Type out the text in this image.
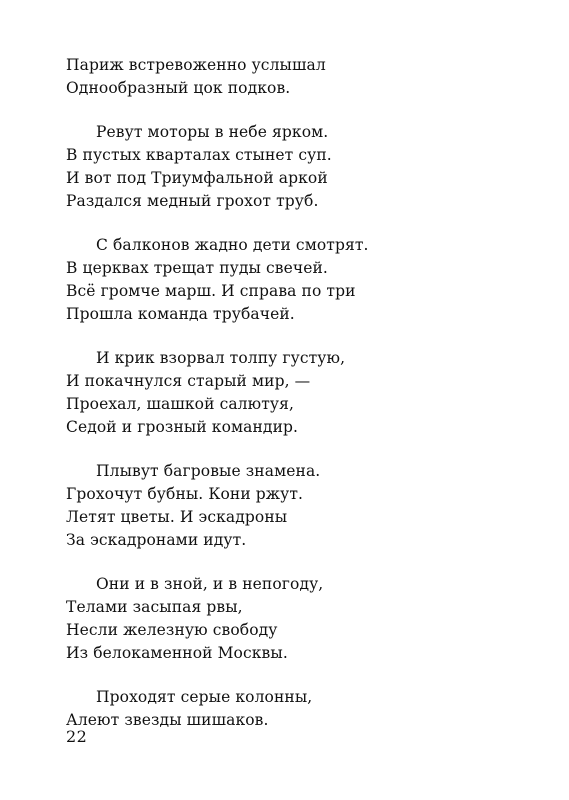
Париж встревоженно услышал
Однообразный цок подков.
Ревут моторы в небе ярком.
В пустых кварталах стынет суп.
И вот под Триумфальной аркой
Раздался медный грохот труб.
С балконов жадно дети смотрят.
В церквах трещат пуды свечей.
Всё громче марш. И справа по три
Прошла команда трубачей.
И крик взорвал толпу густую,
И покачнулся старый мир, —
Проехал, шашкой салютуя,
Седой и грозный командир.
Плывут багровые знамена.
Грохочут бубны. Кони ржут.
Летят цветы. И эскадроны
За эскадронами идут.
Они и в зной, и в непогоду,
Телами засыпая рвы,
Несли железную свободу
Из белокаменной Москвы.
Проходят серые колонны,
Алеют звезды шишаков.
22
